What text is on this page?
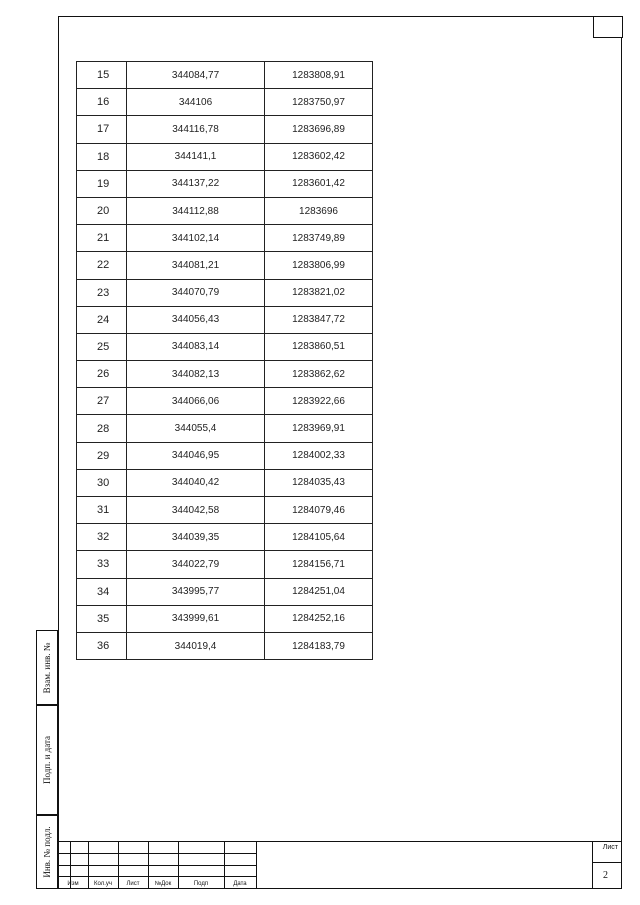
15	344084,77	1283808,91
16	344106	1283750,97
17	344116,78	1283696,89
18	344141,1	1283602,42
19	344137,22	1283601,42
20	344112,88	1283696
21	344102,14	1283749,89
22	344081,21	1283806,99
23	344070,79	1283821,02
24	344056,43	1283847,72
25	344083,14	1283860,51
26	344082,13	1283862,62
27	344066,06	1283922,66
28	344055,4	1283969,91
29	344046,95	1284002,33
30	344040,42	1284035,43
31	344042,58	1284079,46
32	344039,35	1284105,64
33	344022,79	1284156,71
34	343995,77	1284251,04
35	343999,61	1284252,16
36	344019,4	1284183,79
Взам. инв. №
Подп. и дата
Инв. № подл.
Изм	Кол.уч	Лист	№Док	Подп	Дата
Лист
2
